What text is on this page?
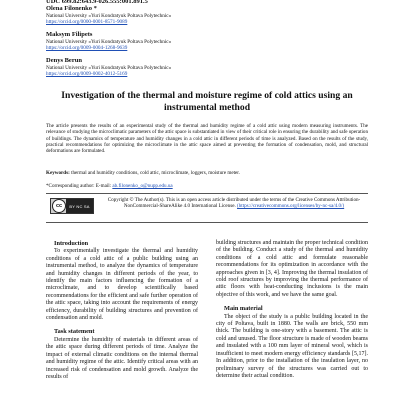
UDC 699.82:643.9-026.555:001.891.5
Olena Filonenko *
National University «Yuri Kondratyuk Poltava Polytechnic»
https://orcid.org/0000-0001-8571-9089
Maksym Filipets
National University «Yuri Kondratyuk Poltava Polytechnic»
https://orcid.org/0009-0004-1268-9639
Denys Berun
National University «Yuri Kondratyuk Poltava Polytechnic»
https://orcid.org/0009-0002-4012-5169
Investigation of the thermal and moisture regime of cold attics using an instrumental method
The article presents the results of an experimental study of the thermal and humidity regime of a cold attic using modern measuring instruments. The relevance of studying the microclimatic parameters of the attic space is substantiated in view of their critical role in ensuring the durability and safe operation of buildings. The dynamics of temperature and humidity changes in a cold attic in different periods of time is analyzed. Based on the results of the study, practical recommendations for optimizing the microclimate in the attic space aimed at preventing the formation of condensation, mold, and structural deformations are formulated.
Keywords: thermal and humidity conditions, cold attic, microclimate, loggers, moisture meter.
*Corresponding author: E-mail: ab.filonenko_o@nupp.edu.ua
cc	BY NC SA
Copyright © The Author(s). This is an open access article distributed under the terms of the Creative Commons Attribution-NonCommercial-ShareAlike 4.0 International License. (https://creativecommons.org/licenses/by-nc-sa/4.0/)
Introduction

To experimentally investigate the thermal and humidity conditions of a cold attic of a public building using an instrumental method, to analyze the dynamics of temperature and humidity changes in different periods of the year, to identify the main factors influencing the formation of a microclimate, and to develop scientifically based recommendations for the efficient and safe further operation of the attic space, taking into account the requirements of energy efficiency, durability of building structures and prevention of condensation and mold.

Task statement

Determine the humidity of materials in different areas of the attic space during different periods of time. Analyze the impact of external climatic conditions on the internal thermal and humidity regime of the attic. Identify critical areas with an increased risk of condensation and mold growth. Analyze the results of

building structures and maintain the proper technical condition of the building. Conduct a study of the thermal and humidity conditions of a cold attic and formulate reasonable recommendations for its optimization in accordance with the approaches given in [3, 4]. Improving the thermal insulation of cold roof structures by improving the thermal performance of attic floors with heat-conducting inclusions is the main objective of this work, and we have the same goal.

Main material

The object of the study is a public building located in the city of Poltava, built in 1880. The walls are brick, 550 mm thick. The building is one-story with a basement. The attic is cold and unused. The floor structure is made of wooden beams and insulated with a 100 mm layer of mineral wool, which is insufficient to meet modern energy efficiency standards [5,17]. In addition, prior to the installation of the insulation layer, no preliminary survey of the structures was carried out to determine their actual condition.
